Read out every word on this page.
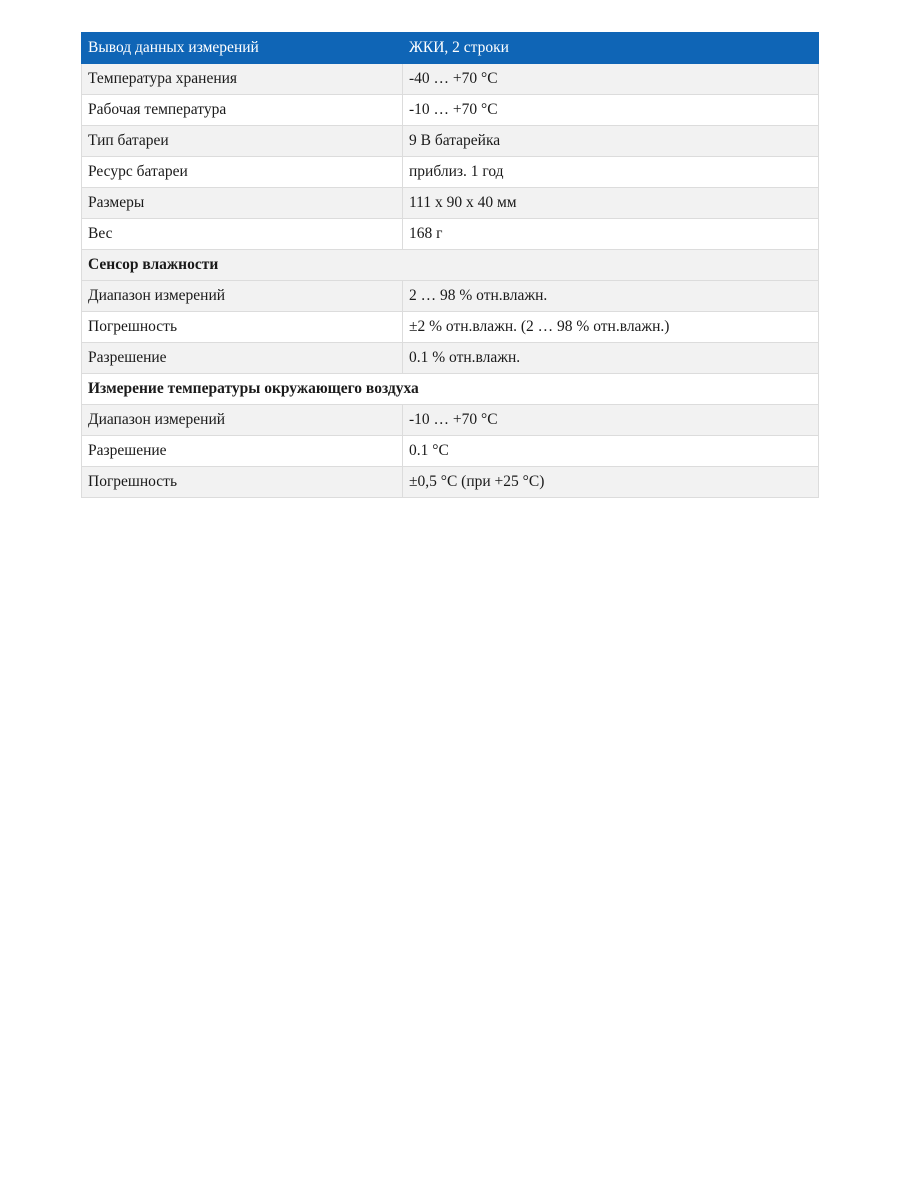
Вывод данных измерений	ЖКИ, 2 строки
Температура хранения	-40 … +70 °C
Рабочая температура	-10 … +70 °C
Тип батареи	9 В батарейка
Ресурс батареи	приблиз. 1 год
Размеры	111 x 90 x 40 мм
Вес	168 г
Сенсор влажности	
Диапазон измерений	2 … 98 % отн.влажн.
Погрешность	±2 % отн.влажн. (2 … 98 % отн.влажн.)
Разрешение	0.1 % отн.влажн.
Измерение температуры окружающего воздуха	
Диапазон измерений	-10 … +70 °C
Разрешение	0.1 °C
Погрешность	±0,5 °C (при +25 °C)
